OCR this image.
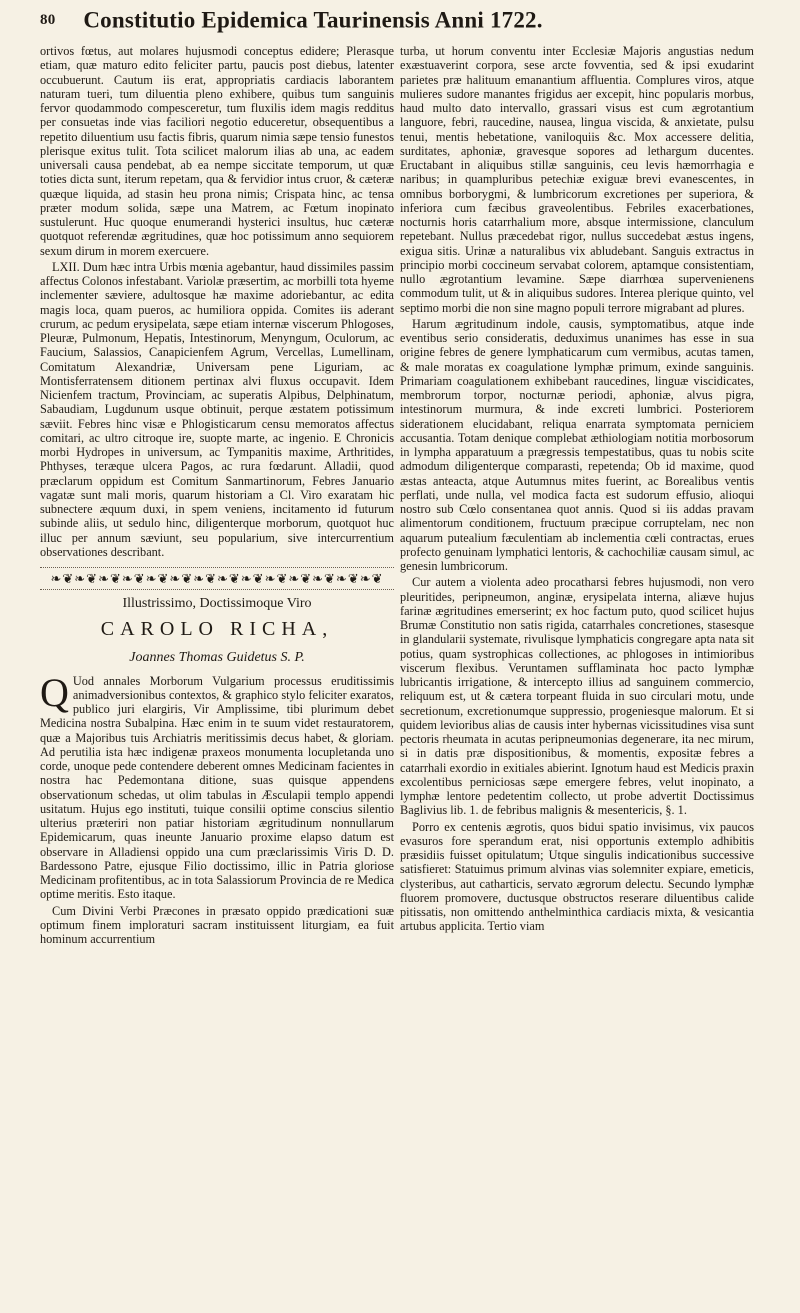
80 Constitutio Epidemica Taurinensis Anni 1722.

ortivos fœtus, aut molares hujusmodi conceptus edidere; Plerasque etiam, quæ maturo edito feliciter partu, paucis post diebus, latenter occubuerunt. Cautum iis erat, appropriatis cardiacis laborantem naturam tueri, tum diluentia pleno exhibere, quibus tum sanguinis fervor quodammodo compesceretur, tum fluxilis idem magis redditus per consuetas inde vias faciliori negotio educeretur, obsequentibus a repetito diluentium usu factis fibris, quarum nimia sæpe tensio funestos plerisque exitus tulit. Tota scilicet malorum ilias ab una, ac eadem universali causa pendebat, ab ea nempe siccitate temporum, ut quæ toties dicta sunt, iterum repetam, qua & fervidior intus cruor, & cæteræ quæque liquida, ad stasin heu prona nimis; Crispata hinc, ac tensa præter modum solida, sæpe una Matrem, ac Fœtum inopinato sustulerunt. Huc quoque enumerandi hysterici insultus, huc cæteræ quotquot referendæ ægritudines, quæ hoc potissimum anno sequiorem sexum dirum in morem exercuere.

LXII. Dum hæc intra Urbis mœnia agebantur, haud dissimiles passim affectus Colonos infestabant. Variolæ præsertim, ac morbilli tota hyeme inclementer sæviere, adultosque hæ maxime adoriebantur, ac edita magis loca, quam pueros, ac humiliora oppida. Comites iis aderant crurum, ac pedum erysipelata, sæpe etiam internæ viscerum Phlogoses, Pleuræ, Pulmonum, Hepatis, Intestinorum, Menyngum, Oculorum, ac Faucium, Salassios, Canapicienfem Agrum, Vercellas, Lumellinam, Comitatum Alexandriæ, Universam pene Liguriam, ac Montisferratensem ditionem pertinax alvi fluxus occupavit. Idem Nicienfem tractum, Provinciam, ac superatis Alpibus, Delphinatum, Sabaudiam, Lugdunum usque obtinuit, perque æstatem potissimum sæviit. Febres hinc visæ e Phlogisticarum censu memoratos affectus comitari, ac ultro citroque ire, suopte marte, ac ingenio. E Chronicis morbi Hydropes in universum, ac Tympanitis maxime, Arthritides, Phthyses, teræque ulcera Pagos, ac rura fœdarunt. Alladii, quod præclarum oppidum est Comitum Sanmartinorum, Febres Januario vagatæ sunt mali moris, quarum historiam a Cl. Viro exaratam hic subnectere æquum duxi, in spem veniens, incitamento id futurum subinde aliis, ut sedulo hinc, diligenterque morborum, quotquot huc illuc per annum sæviunt, seu popularium, sive intercurrentium observationes describant.

❧❦❧❦❧❦❧❦❧❦❧❦❧❦❧❦❧❦❧❦❧❦❧❦❧❦❧❦
Illustrissimo, Doctissimoque Viro
CAROLO RICHA,
Joannes Thomas Guidetus S. P.

Q Uod annales Morborum Vulgarium processus eruditissimis animadversionibus contextos, & graphico stylo feliciter exaratos, publico juri elargiris, Vir Amplissime, tibi plurimum debet Medicina nostra Subalpina. Hæc enim in te suum videt restauratorem, quæ a Majoribus tuis Archiatris meritissimis decus habet, & gloriam. Ad perutilia ista hæc indigenæ praxeos monumenta locupletanda uno corde, unoque pede contendere deberent omnes Medicinam facientes in nostra hac Pedemontana ditione, suas quisque appendens observationum schedas, ut olim tabulas in Æsculapii templo appendi usitatum. Hujus ego instituti, tuique consilii optime conscius silentio ulterius præteriri non patiar historiam ægritudinum nonnullarum Epidemicarum, quas ineunte Januario proxime elapso datum est observare in Alladiensi oppido una cum præclarissimis Viris D. D. Bardessono Patre, ejusque Filio doctissimo, illic in Patria gloriose Medicinam profitentibus, ac in tota Salassiorum Provincia de re Medica optime meritis. Esto itaque.

Cum Divini Verbi Præcones in præsato oppido prædicationi suæ optimum finem imploraturi sacram instituissent liturgiam, ea fuit hominum accurrentium

turba, ut horum conventu inter Ecclesiæ Majoris angustias nedum exæstuaverint corpora, sese arcte fovventia, sed & ipsi exudarint parietes præ halituum emanantium affluentia. Complures viros, atque mulieres sudore manantes frigidus aer excepit, hinc popularis morbus, haud multo dato intervallo, grassari visus est cum ægrotantium languore, febri, raucedine, nausea, lingua viscida, & anxietate, pulsu tenui, mentis hebetatione, vaniloquiis &c. Mox accessere delitia, surditates, aphoniæ, gravesque sopores ad lethargum ducentes. Eructabant in aliquibus stillæ sanguinis, ceu levis hæmorrhagia e naribus; in quampluribus petechiæ exiguæ brevi evanescentes, in omnibus borborygmi, & lumbricorum excretiones per superiora, & inferiora cum fæcibus graveolentibus. Febriles exacerbationes, nocturnis horis catarrhalium more, absque intermissione, clanculum repetebant. Nullus præcedebat rigor, nullus succedebat æstus ingens, exigua sitis. Urinæ a naturalibus vix abludebant. Sanguis extractus in principio morbi coccineum servabat colorem, aptamque consistentiam, nullo ægrotantium levamine. Sæpe diarrhœa supervenienens commodum tulit, ut & in aliquibus sudores. Interea plerique quinto, vel septimo morbi die non sine magno populi terrore migrabant ad plures.

Harum ægritudinum indole, causis, symptomatibus, atque inde eventibus serio consideratis, deduximus unanimes has esse in sua origine febres de genere lymphaticarum cum vermibus, acutas tamen, & male moratas ex coagulatione lymphæ primum, exinde sanguinis. Primariam coagulationem exhibebant raucedines, linguæ viscidicates, membrorum torpor, nocturnæ periodi, aphoniæ, alvus pigra, intestinorum murmura, & inde excreti lumbrici. Posteriorem siderationem elucidabant, reliqua enarrata symptomata perniciem accusantia. Totam denique complebat æthiologiam notitia morbosorum in lympha apparatuum a prægressis tempestatibus, quas tu nobis scite admodum diligenterque comparasti, repetenda; Ob id maxime, quod æstas anteacta, atque Autumnus mites fuerint, ac Borealibus ventis perflati, unde nulla, vel modica facta est sudorum effusio, alioqui nostro sub Cœlo consentanea quot annis. Quod si iis addas pravam alimentorum conditionem, fructuum præcipue corruptelam, nec non aquarum putealium fæculentiam ab inclementia cœli contractas, erues profecto genuinam lymphatici lentoris, & cachochiliæ causam simul, ac genesin lumbricorum.

Cur autem a violenta adeo procatharsi febres hujusmodi, non vero pleuritides, peripneumon, anginæ, erysipelata interna, aliæve hujus farinæ ægritudines emerserint; ex hoc factum puto, quod scilicet hujus Brumæ Constitutio non satis rigida, catarrhales concretiones, stasesque in glandularii systemate, rivulisque lymphaticis congregare apta nata sit potius, quam systrophicas collectiones, ac phlogoses in intimioribus viscerum flexibus. Veruntamen sufflaminata hoc pacto lymphæ lubricantis irrigatione, & intercepto illius ad sanguinem commercio, reliquum est, ut & cætera torpeant fluida in suo circulari motu, unde secretionum, excretionumque suppressio, progeniesque malorum. Et si quidem levioribus alias de causis inter hybernas vicissitudines visa sunt pectoris rheumata in acutas peripneumonias degenerare, ita nec mirum, si in datis præ dispositionibus, & momentis, expositæ febres a catarrhali exordio in exitiales abierint. Ignotum haud est Medicis praxin excolentibus perniciosas sæpe emergere febres, velut inopinato, a lymphæ lentore pedetentim collecto, ut probe advertit Doctissimus Baglivius lib. 1. de febribus malignis & mesentericis, §. 1.

Porro ex centenis ægrotis, quos bidui spatio invisimus, vix paucos evasuros fore sperandum erat, nisi opportunis extemplo adhibitis præsidiis fuisset opitulatum; Utque singulis indicationibus successive satisfieret: Statuimus primum alvinas vias solemniter expiare, emeticis, clysteribus, aut catharticis, servato ægrorum delectu. Secundo lymphæ fluorem promovere, ductusque obstructos reserare diluentibus calide pitissatis, non omittendo anthelminthica cardiacis mixta, & vesicantia artubus applicita. Tertio viam
